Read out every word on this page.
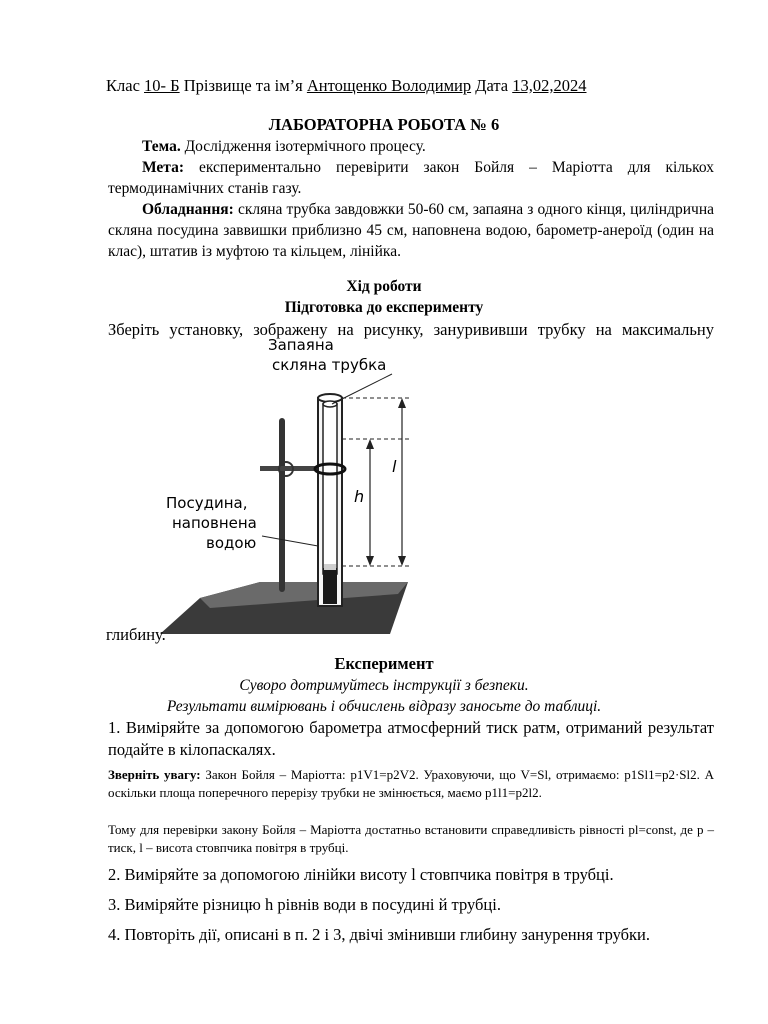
Клас 10- Б Прізвище та ім’я Антощенко Володимир Дата 13,02,2024

ЛАБОРАТОРНА РОБОТА № 6

Тема. Дослідження ізотермічного процесу.

Мета: експериментально перевірити закон Бойля – Маріотта для кількох термодинамічних станів газу.

Обладнання: скляна трубка завдовжки 50-60 см, запаяна з одного кінця, циліндрична скляна посудина заввишки приблизно 45 см, наповнена водою, барометр-анероїд (один на клас), штатив із муфтою та кільцем, лінійка.

Хід роботи

Підготовка до експерименту

Зберіть установку, зображену на рисунку, занурививши трубку на максимальну

l
h
Запаяна
скляна трубка
Посудина,
наповнена
водою

глибину.

Експеримент

Суворо дотримуйтесь інструкції з безпеки.

Результати вимірювань і обчислень відразу заносьте до таблиці.

1. Виміряйте за допомогою барометра атмосферний тиск ратм, отриманий результат подайте в кілопаскалях.

Зверніть увагу: Закон Бойля – Маріотта: p1V1=p2V2. Ураховуючи, що V=Sl, отримаємо: p1Sl1=p2·Sl2. А оскільки площа поперечного перерізу трубки не змінюється, маємо p1l1=p2l2.

Тому для перевірки закону Бойля – Маріотта достатньо встановити справедливість рівності pl=const, де p – тиск, l – висота стовпчика повітря в трубці.

2. Виміряйте за допомогою лінійки висоту l стовпчика повітря в трубці.

3. Виміряйте різницю h рівнів води в посудині й трубці.

4. Повторіть дії, описані в п. 2 і 3, двічі змінивши глибину занурення трубки.
